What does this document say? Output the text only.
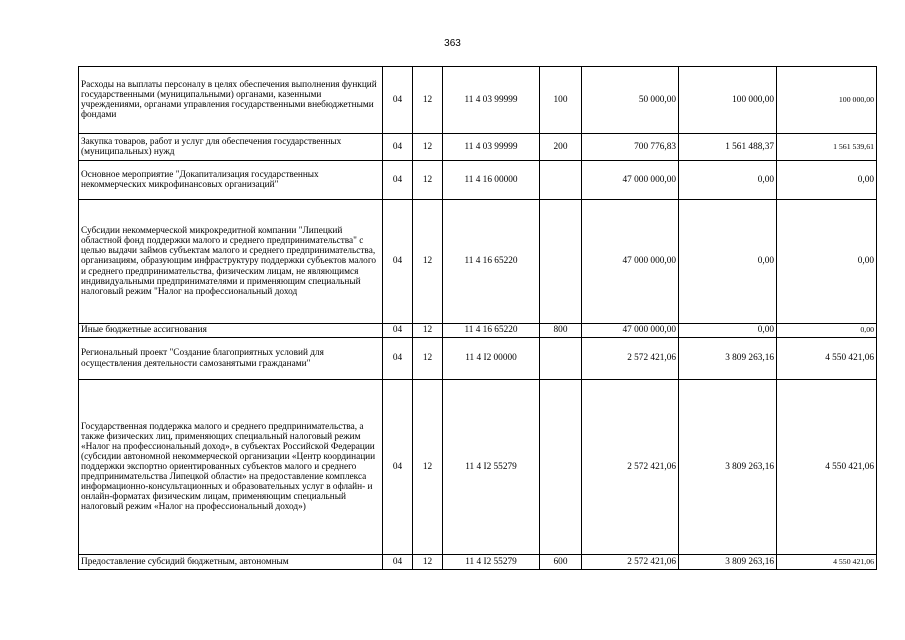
363
Расходы на выплаты персоналу в целях обеспечения выполнения функций государственными (муниципальными) органами, казенными учреждениями, органами управления государственными внебюджетными фондами	04	12	11 4 03 99999	100	50 000,00	100 000,00	100 000,00
Закупка товаров, работ и услуг для обеспечения государственных (муниципальных) нужд	04	12	11 4 03 99999	200	700 776,83	1 561 488,37	1 561 539,61
Основное мероприятие "Докапитализация государственных некоммерческих микрофинансовых организаций"	04	12	11 4 16 00000		47 000 000,00	0,00	0,00
Субсидии некоммерческой микрокредитной компании "Липецкий областной фонд поддержки малого и среднего предпринимательства" с целью выдачи займов субъектам малого и среднего предпринимательства, организациям, образующим инфраструктуру поддержки субъектов малого и среднего предпринимательства, физическим лицам, не являющимся индивидуальными предпринимателями и применяющим специальный налоговый режим "Налог на профессиональный доход	04	12	11 4 16 65220		47 000 000,00	0,00	0,00
Иные бюджетные ассигнования	04	12	11 4 16 65220	800	47 000 000,00	0,00	0,00
Региональный проект "Создание благоприятных условий для осуществления деятельности самозанятыми гражданами"	04	12	11 4 I2 00000		2 572 421,06	3 809 263,16	4 550 421,06
Государственная поддержка малого и среднего предпринимательства, а также физических лиц, применяющих специальный налоговый режим «Налог на профессиональный доход», в субъектах Российской Федерации (субсидии автономной некоммерческой организации «Центр координации поддержки экспортно ориентированных субъектов малого и среднего предпринимательства Липецкой области» на предоставление комплекса информационно-консультационных и образовательных услуг в офлайн- и онлайн-форматах физическим лицам, применяющим специальный налоговый режим «Налог на профессиональный доход»)	04	12	11 4 I2 55279		2 572 421,06	3 809 263,16	4 550 421,06
Предоставление субсидий бюджетным, автономным	04	12	11 4 I2 55279	600	2 572 421,06	3 809 263,16	4 550 421,06
